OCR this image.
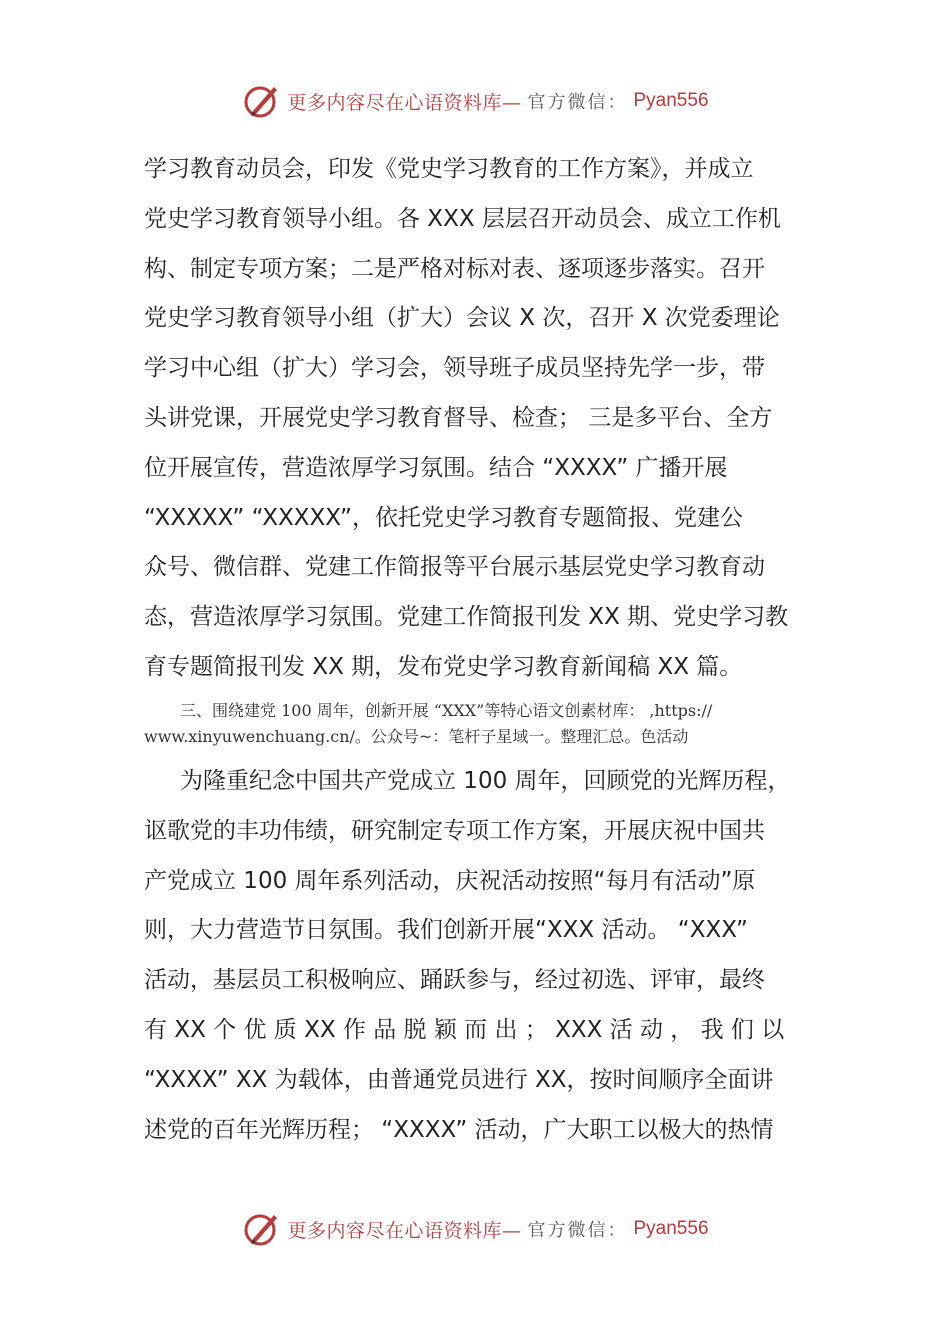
更多内容尽在心语资料库— 官方微信： Pyan556
学习教育动员会，印发《党史学习教育的工作方案》，并成立
党史学习教育领导小组。各 XXX 层层召开动员会、成立工作机
构、制定专项方案；二是严格对标对表、逐项逐步落实。召开
党史学习教育领导小组（扩大）会议 X 次，召开 X 次党委理论
学习中心组（扩大）学习会，领导班子成员坚持先学一步，带
头讲党课，开展党史学习教育督导、检查； 三是多平台、全方
位开展宣传，营造浓厚学习氛围。结合 “XXXX” 广播开展
“XXXXX” “XXXXX”，依托党史学习教育专题简报、党建公
众号、微信群、党建工作简报等平台展示基层党史学习教育动
态，营造浓厚学习氛围。党建工作简报刊发 XX 期、党史学习教
育专题简报刊发 XX 期，发布党史学习教育新闻稿 XX 篇。
三、围绕建党 100 周年，创新开展 “XXX”等特心语文创素材库： ,https://
www.xinyuwenchuang.cn/。公众号~：笔杆子星域一。整理汇总。色活动
为隆重纪念中国共产党成立 100 周年，回顾党的光辉历程，
讴歌党的丰功伟绩，研究制定专项工作方案，开展庆祝中国共
产党成立 100 周年系列活动，庆祝活动按照“每月有活动”原
则，大力营造节日氛围。我们创新开展“XXX 活动。 “XXX”
活动，基层员工积极响应、踊跃参与，经过初选、评审，最终
有 XX 个 优 质 XX 作 品 脱 颖 而 出 ； XXX 活 动 ， 我 们 以
“XXXX” XX 为载体，由普通党员进行 XX，按时间顺序全面讲
述党的百年光辉历程； “XXXX” 活动，广大职工以极大的热情
更多内容尽在心语资料库— 官方微信： Pyan556
